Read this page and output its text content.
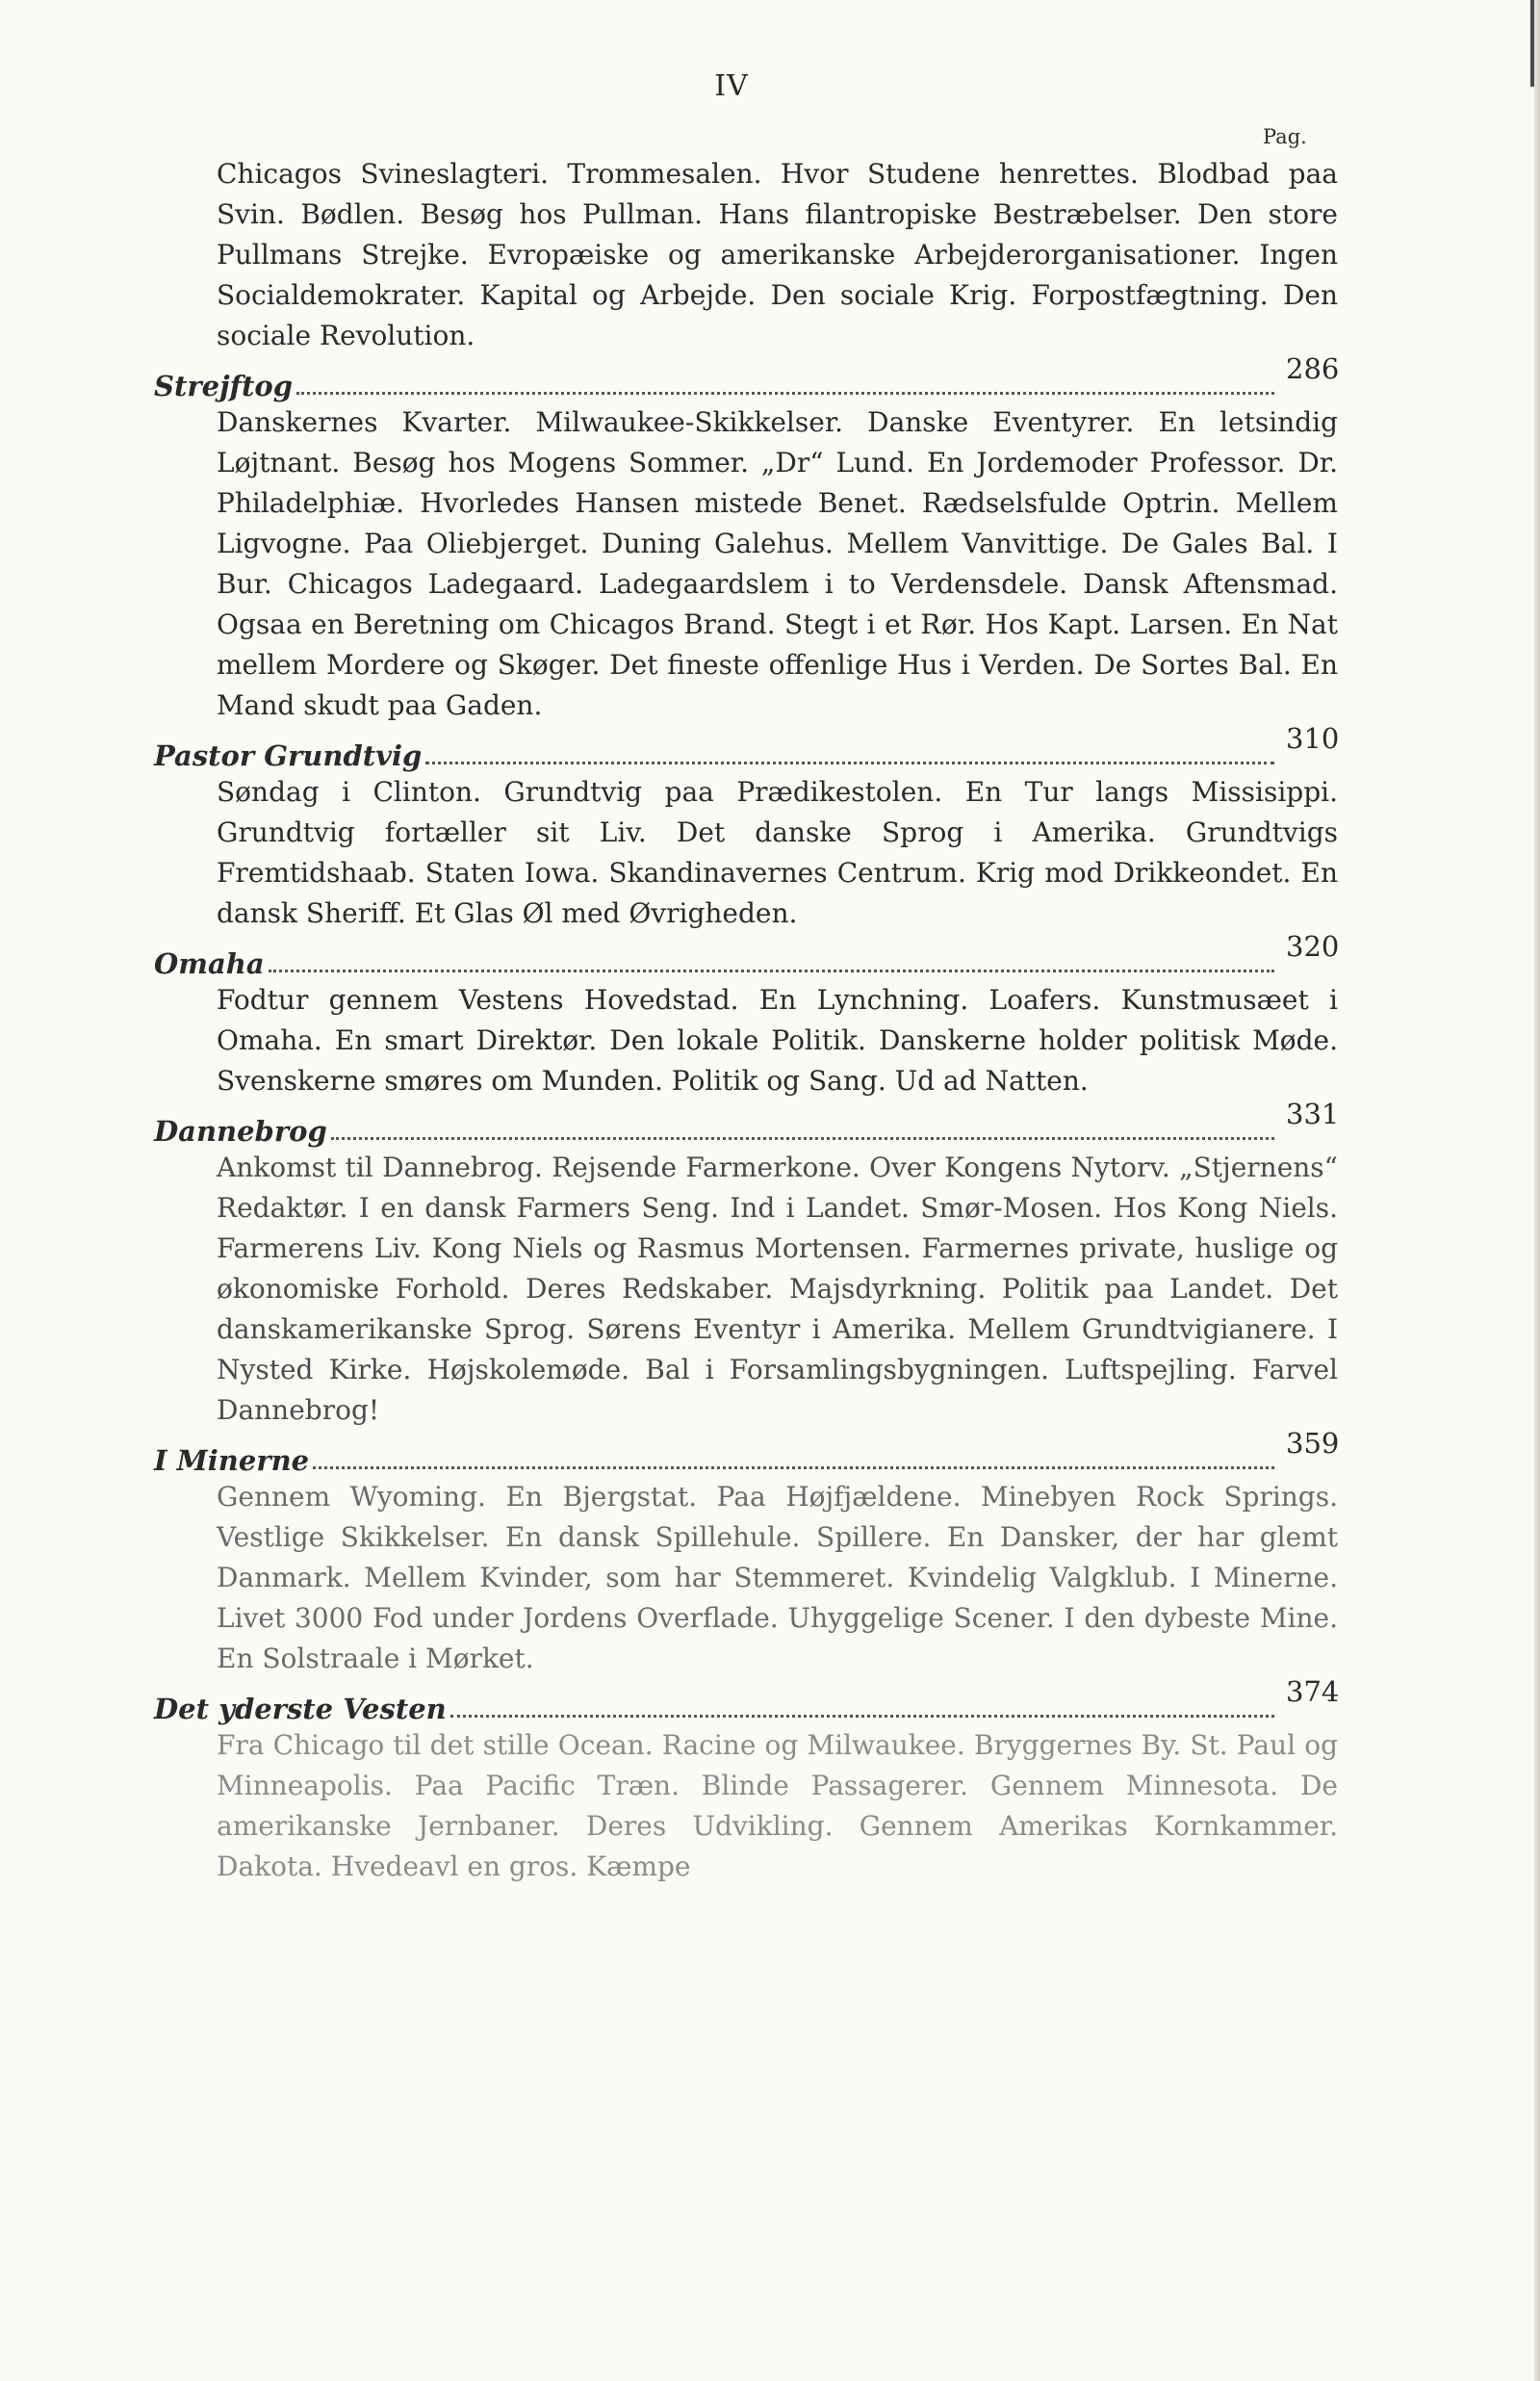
IV
Pag.

Chicagos Svineslagteri. Trommesalen. Hvor Studene henrettes. Blodbad paa Svin. Bødlen. Besøg hos Pullman. Hans filantropiske Bestræbelser. Den store Pullmans Strejke. Evropæiske og amerikanske Arbejderorganisationer. Ingen Socialdemokrater. Kapital og Arbejde. Den sociale Krig. Forpostfægtning. Den sociale Revolution.

Strejftog
286

Danskernes Kvarter. Milwaukee-Skikkelser. Danske Eventyrer. En letsindig Løjtnant. Besøg hos Mogens Sommer. „Dr“ Lund. En Jordemoder Professor. Dr. Philadelphiæ. Hvorledes Hansen mistede Benet. Rædselsfulde Optrin. Mellem Ligvogne. Paa Oliebjerget. Duning Galehus. Mellem Vanvittige. De Gales Bal. I Bur. Chicagos Ladegaard. Ladegaardslem i to Verdensdele. Dansk Aftensmad. Ogsaa en Beretning om Chicagos Brand. Stegt i et Rør. Hos Kapt. Larsen. En Nat mellem Mordere og Skøger. Det fineste offenlige Hus i Verden. De Sortes Bal. En Mand skudt paa Gaden.

Pastor Grundtvig
310

Søndag i Clinton. Grundtvig paa Prædikestolen. En Tur langs Missisippi. Grundtvig fortæller sit Liv. Det danske Sprog i Amerika. Grundtvigs Fremtidshaab. Staten Iowa. Skandinavernes Centrum. Krig mod Drikkeondet. En dansk Sheriff. Et Glas Øl med Øvrigheden.

Omaha
320

Fodtur gennem Vestens Hovedstad. En Lynchning. Loafers. Kunstmusæet i Omaha. En smart Direktør. Den lokale Politik. Danskerne holder politisk Møde. Svenskerne smøres om Munden. Politik og Sang. Ud ad Natten.

Dannebrog
331

Ankomst til Dannebrog. Rejsende Farmerkone. Over Kongens Nytorv. „Stjernens“ Redaktør. I en dansk Farmers Seng. Ind i Landet. Smør-Mosen. Hos Kong Niels. Farmerens Liv. Kong Niels og Rasmus Mortensen. Farmernes private, huslige og økonomiske Forhold. Deres Redskaber. Majsdyrkning. Politik paa Landet. Det danskamerikanske Sprog. Sørens Eventyr i Amerika. Mellem Grundtvigianere. I Nysted Kirke. Højskolemøde. Bal i Forsamlingsbygningen. Luftspejling. Farvel Dannebrog!

I Minerne
359

Gennem Wyoming. En Bjergstat. Paa Højfjældene. Minebyen Rock Springs. Vestlige Skikkelser. En dansk Spillehule. Spillere. En Dansker, der har glemt Danmark. Mellem Kvinder, som har Stemmeret. Kvindelig Valgklub. I Minerne. Livet 3000 Fod under Jordens Overflade. Uhyggelige Scener. I den dybeste Mine. En Solstraale i Mørket.

Det yderste Vesten
374

Fra Chicago til det stille Ocean. Racine og Milwaukee. Bryggernes By. St. Paul og Minneapolis. Paa Pacific Træn. Blinde Passagerer. Gennem Minnesota. De amerikanske Jernbaner. Deres Udvikling. Gennem Amerikas Kornkammer. Dakota. Hvedeavl en gros. Kæmpe
